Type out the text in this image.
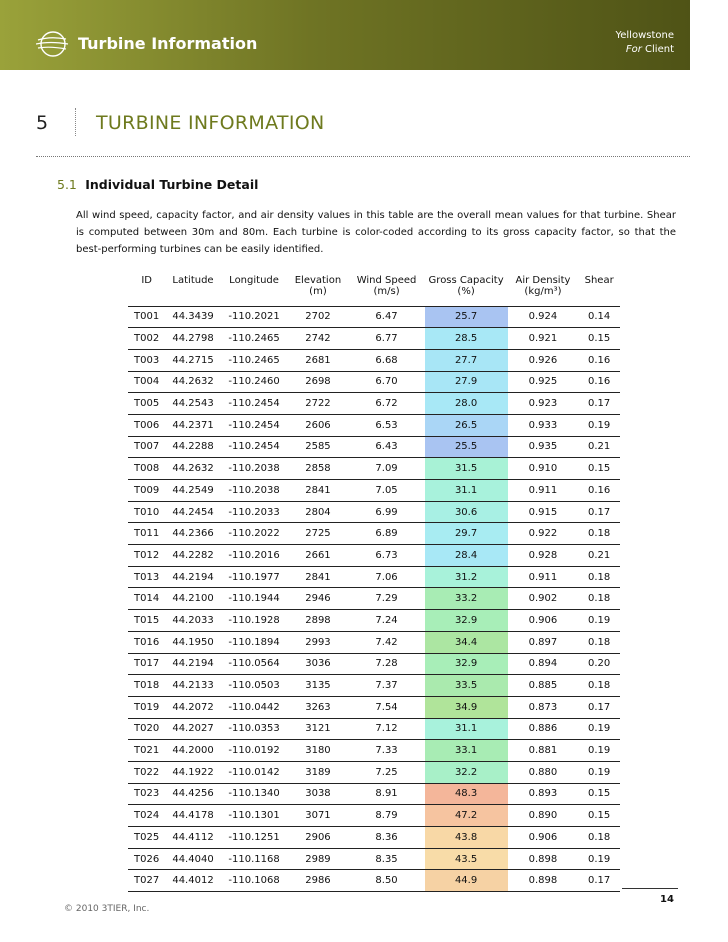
Turbine Information	Yellowstone
For Client
5	TURBINE INFORMATION
5.1 Individual Turbine Detail

All wind speed, capacity factor, and air density values in this table are the overall mean values for that turbine. Shear is computed between 30m and 80m. Each turbine is color-coded according to its gross capacity factor, so that the best-performing turbines can be easily identified.

ID	Latitude	Longitude	Elevation	Wind Speed	Gross Capacity	Air Density	Shear
			(m)	(m/s)	(%)	(kg/m³)	
T001	44.3439	-110.2021	2702	6.47	25.7	0.924	0.14
T002	44.2798	-110.2465	2742	6.77	28.5	0.921	0.15
T003	44.2715	-110.2465	2681	6.68	27.7	0.926	0.16
T004	44.2632	-110.2460	2698	6.70	27.9	0.925	0.16
T005	44.2543	-110.2454	2722	6.72	28.0	0.923	0.17
T006	44.2371	-110.2454	2606	6.53	26.5	0.933	0.19
T007	44.2288	-110.2454	2585	6.43	25.5	0.935	0.21
T008	44.2632	-110.2038	2858	7.09	31.5	0.910	0.15
T009	44.2549	-110.2038	2841	7.05	31.1	0.911	0.16
T010	44.2454	-110.2033	2804	6.99	30.6	0.915	0.17
T011	44.2366	-110.2022	2725	6.89	29.7	0.922	0.18
T012	44.2282	-110.2016	2661	6.73	28.4	0.928	0.21
T013	44.2194	-110.1977	2841	7.06	31.2	0.911	0.18
T014	44.2100	-110.1944	2946	7.29	33.2	0.902	0.18
T015	44.2033	-110.1928	2898	7.24	32.9	0.906	0.19
T016	44.1950	-110.1894	2993	7.42	34.4	0.897	0.18
T017	44.2194	-110.0564	3036	7.28	32.9	0.894	0.20
T018	44.2133	-110.0503	3135	7.37	33.5	0.885	0.18
T019	44.2072	-110.0442	3263	7.54	34.9	0.873	0.17
T020	44.2027	-110.0353	3121	7.12	31.1	0.886	0.19
T021	44.2000	-110.0192	3180	7.33	33.1	0.881	0.19
T022	44.1922	-110.0142	3189	7.25	32.2	0.880	0.19
T023	44.4256	-110.1340	3038	8.91	48.3	0.893	0.15
T024	44.4178	-110.1301	3071	8.79	47.2	0.890	0.15
T025	44.4112	-110.1251	2906	8.36	43.8	0.906	0.18
T026	44.4040	-110.1168	2989	8.35	43.5	0.898	0.19
T027	44.4012	-110.1068	2986	8.50	44.9	0.898	0.17
14
© 2010 3TIER, Inc.
